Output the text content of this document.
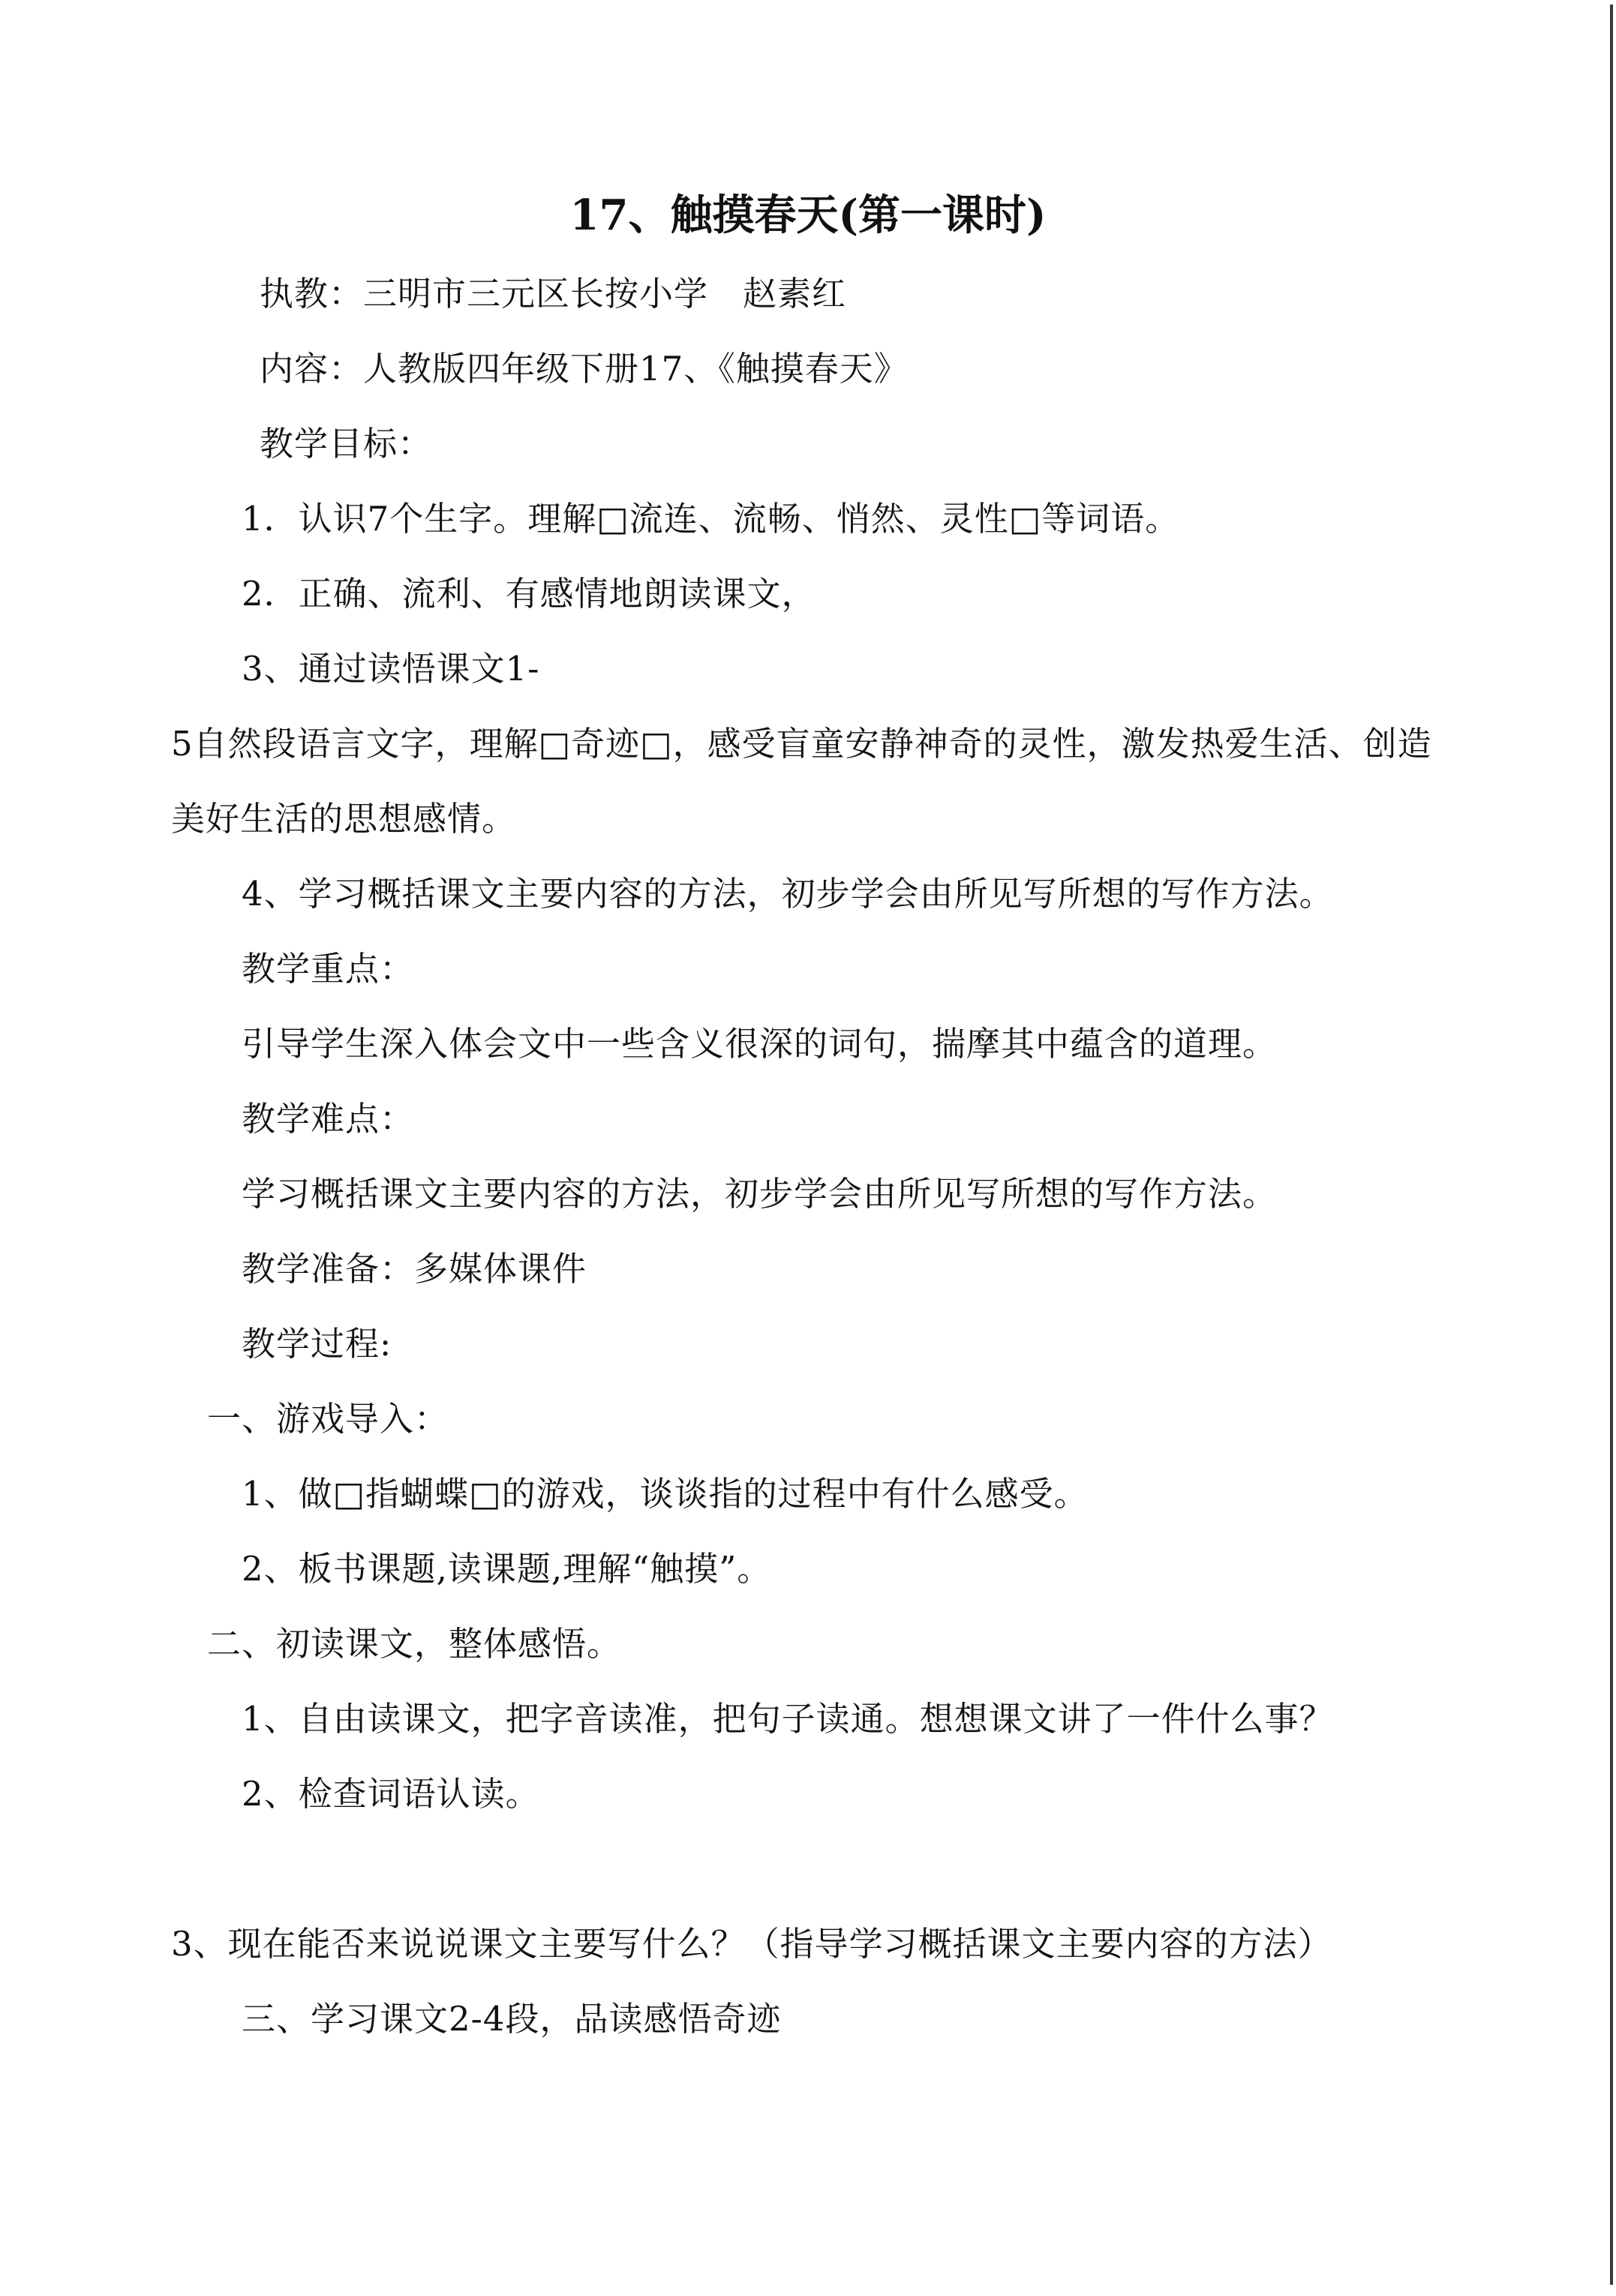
17、触摸春天(第一课时)
执教：三明市三元区长按小学　赵素红
内容：人教版四年级下册17、《触摸春天》
教学目标：
1．认识7个生字。理解□流连、流畅、悄然、灵性□等词语。
2．正确、流利、有感情地朗读课文，
3、通过读悟课文1-
5自然段语言文字，理解□奇迹□，感受盲童安静神奇的灵性，激发热爱生活、创造
美好生活的思想感情。
4、学习概括课文主要内容的方法，初步学会由所见写所想的写作方法。
教学重点：
引导学生深入体会文中一些含义很深的词句，揣摩其中蕴含的道理。
教学难点：
学习概括课文主要内容的方法，初步学会由所见写所想的写作方法。
教学准备：多媒体课件
教学过程:
一、游戏导入：
1、做□指蝴蝶□的游戏，谈谈指的过程中有什么感受。
2、板书课题,读课题,理解“触摸”。
二、初读课文，整体感悟。
1、自由读课文，把字音读准，把句子读通。想想课文讲了一件什么事？
2、检查词语认读。
3、现在能否来说说课文主要写什么？（指导学习概括课文主要内容的方法）
三、学习课文2-4段，品读感悟奇迹
